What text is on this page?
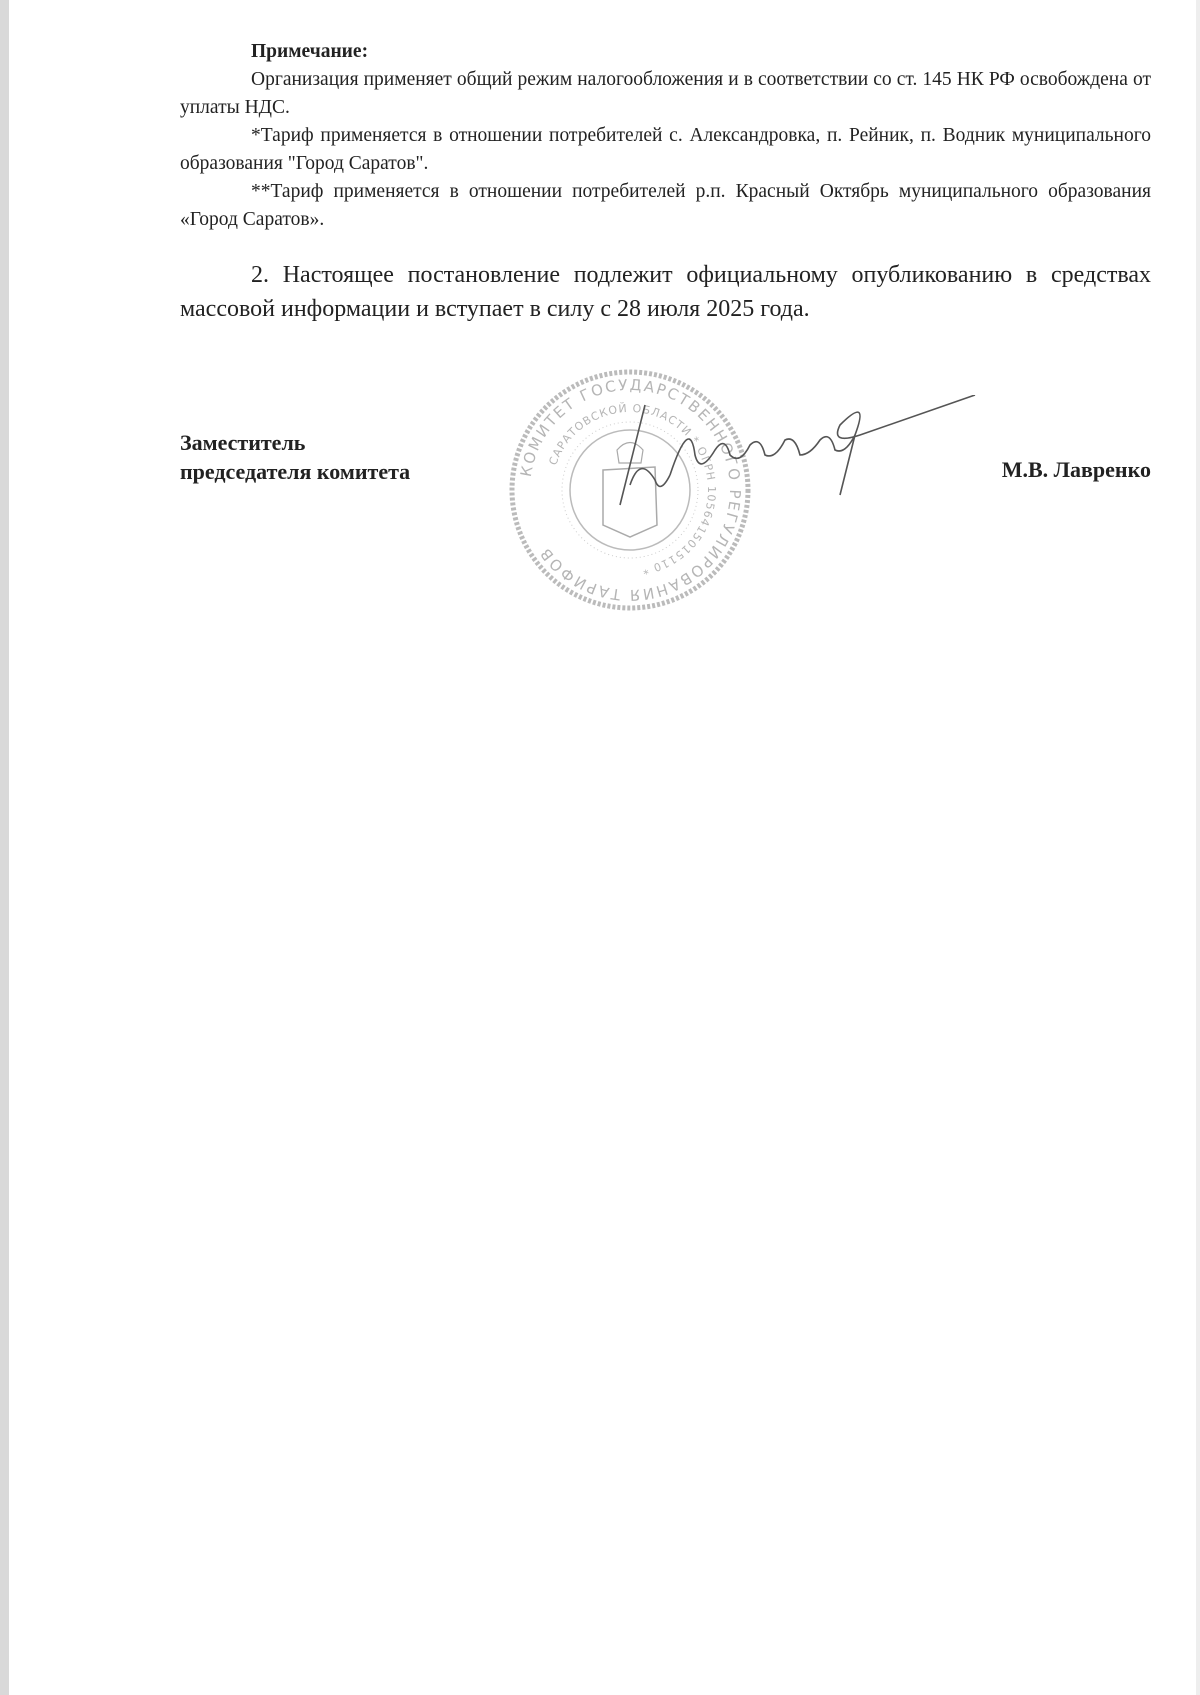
Примечание:

Организация применяет общий режим налогообложения и в соответствии со ст. 145 НК РФ освобождена от уплаты НДС.

*Тариф применяется в отношении потребителей с. Александровка, п. Рейник, п. Водник муниципального образования "Город Саратов".

**Тариф применяется в отношении потребителей р.п. Красный Октябрь муниципального образования «Город Саратов».

2. Настоящее постановление подлежит официальному опубликованию в средствах массовой информации и вступает в силу с 28 июля 2025 года.

Заместитель
председателя комитета	М.В. Лавренко
КОМИТЕТ ГОСУДАРСТВЕННОГО РЕГУЛИРОВАНИЯ ТАРИФОВ
САРАТОВСКОЙ ОБЛАСТИ * ОГРН 1056415015110 *
